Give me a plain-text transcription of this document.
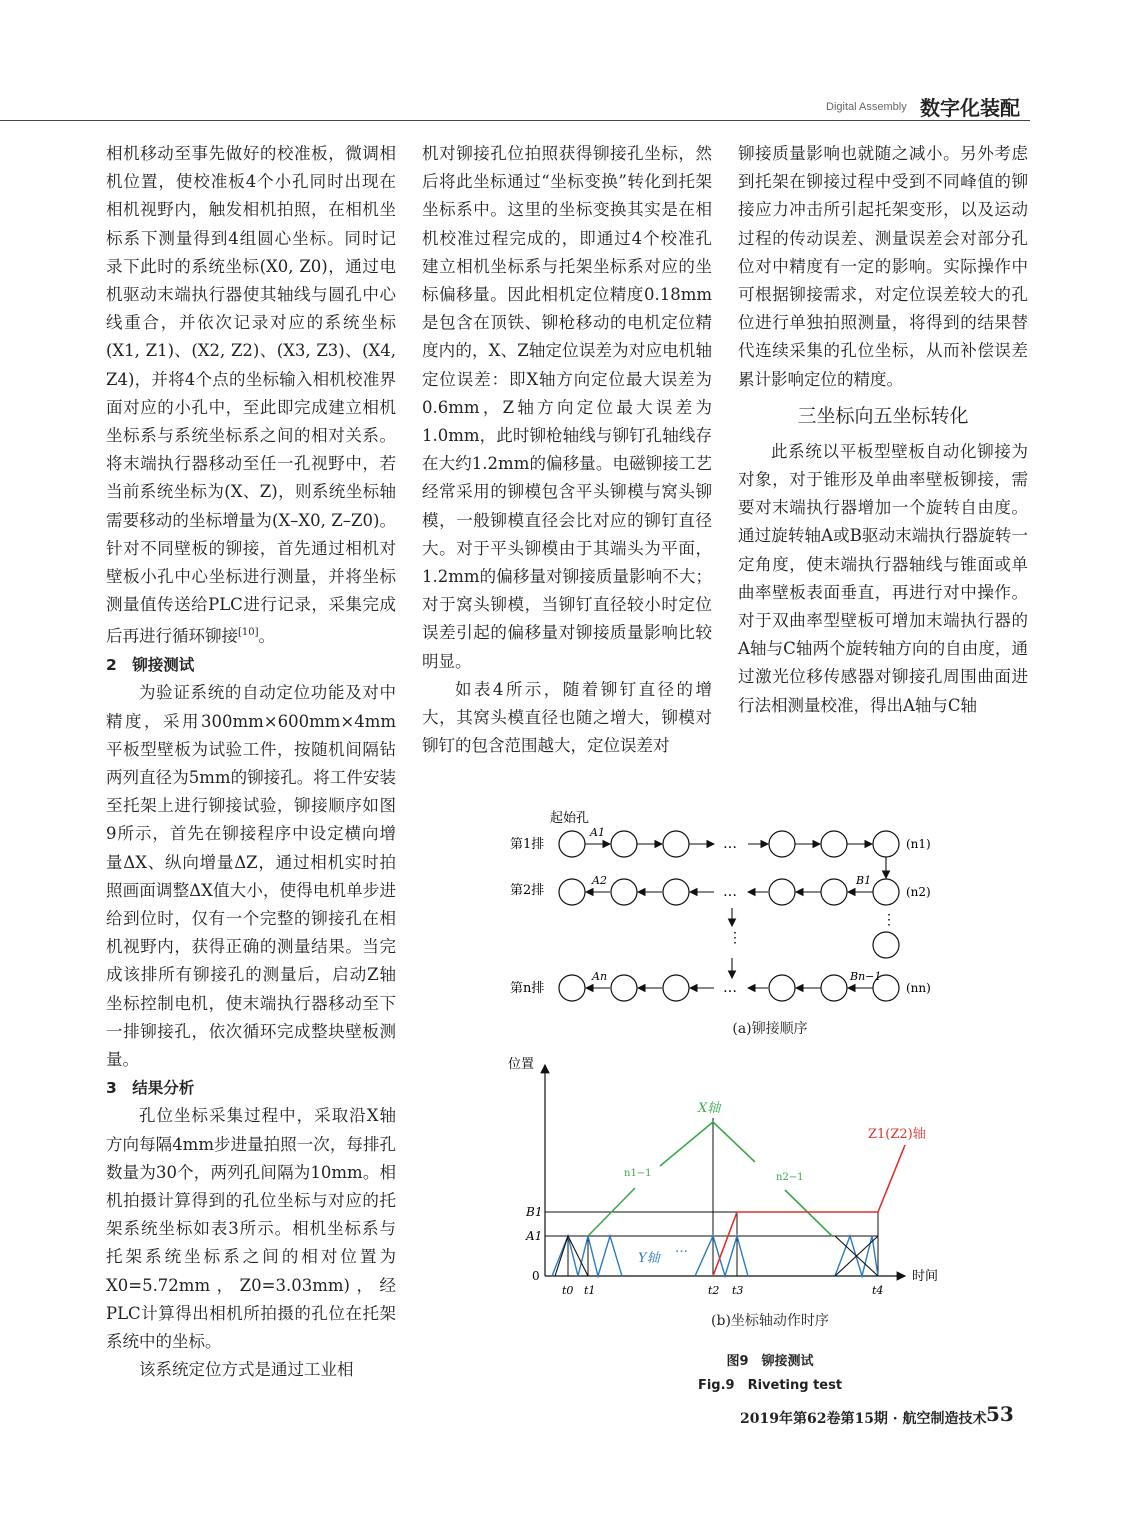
Digital Assembly 数字化装配

相机移动至事先做好的校准板，微调相机位置，使校准板4个小孔同时出现在相机视野内，触发相机拍照，在相机坐标系下测量得到4组圆心坐标。同时记录下此时的系统坐标(X0, Z0)，通过电机驱动末端执行器使其轴线与圆孔中心线重合，并依次记录对应的系统坐标(X1, Z1)、(X2, Z2)、(X3, Z3)、(X4, Z4)，并将4个点的坐标输入相机校准界面对应的小孔中，至此即完成建立相机坐标系与系统坐标系之间的相对关系。将末端执行器移动至任一孔视野中，若当前系统坐标为(X、Z)，则系统坐标轴需要移动的坐标增量为(X–X0, Z–Z0)。针对不同壁板的铆接，首先通过相机对壁板小孔中心坐标进行测量，并将坐标测量值传送给PLC进行记录，采集完成后再进行循环铆接[10]。

2　铆接测试

为验证系统的自动定位功能及对中精度，采用300mm×600mm×4mm平板型壁板为试验工件，按随机间隔钻两列直径为5mm的铆接孔。将工件安装至托架上进行铆接试验，铆接顺序如图9所示，首先在铆接程序中设定横向增量ΔX、纵向增量ΔZ，通过相机实时拍照画面调整ΔX值大小，使得电机单步进给到位时，仅有一个完整的铆接孔在相机视野内，获得正确的测量结果。当完成该排所有铆接孔的测量后，启动Z轴坐标控制电机，使末端执行器移动至下一排铆接孔，依次循环完成整块壁板测量。

3　结果分析

孔位坐标采集过程中，采取沿X轴方向每隔4mm步进量拍照一次，每排孔数量为30个，两列孔间隔为10mm。相机拍摄计算得到的孔位坐标与对应的托架系统坐标如表3所示。相机坐标系与托架系统坐标系之间的相对位置为X0=5.72mm，Z0=3.03mm)，经PLC计算得出相机所拍摄的孔位在托架系统中的坐标。

该系统定位方式是通过工业相

机对铆接孔位拍照获得铆接孔坐标，然后将此坐标通过“坐标变换”转化到托架坐标系中。这里的坐标变换其实是在相机校准过程完成的，即通过4个校准孔建立相机坐标系与托架坐标系对应的坐标偏移量。因此相机定位精度0.18mm是包含在顶铁、铆枪移动的电机定位精度内的，X、Z轴定位误差为对应电机轴定位误差：即X轴方向定位最大误差为0.6mm，Z轴方向定位最大误差为1.0mm，此时铆枪轴线与铆钉孔轴线存在大约1.2mm的偏移量。电磁铆接工艺经常采用的铆模包含平头铆模与窝头铆模，一般铆模直径会比对应的铆钉直径大。对于平头铆模由于其端头为平面，1.2mm的偏移量对铆接质量影响不大；对于窝头铆模，当铆钉直径较小时定位误差引起的偏移量对铆接质量影响比较明显。

如表4所示，随着铆钉直径的增大，其窝头模直径也随之增大，铆模对铆钉的包含范围越大，定位误差对

铆接质量影响也就随之减小。另外考虑到托架在铆接过程中受到不同峰值的铆接应力冲击所引起托架变形，以及运动过程的传动误差、测量误差会对部分孔位对中精度有一定的影响。实际操作中可根据铆接需求，对定位误差较大的孔位进行单独拍照测量，将得到的结果替代连续采集的孔位坐标，从而补偿误差累计影响定位的精度。

三坐标向五坐标转化

此系统以平板型壁板自动化铆接为对象，对于锥形及单曲率壁板铆接，需要对末端执行器增加一个旋转自由度。通过旋转轴A或B驱动末端执行器旋转一定角度，使末端执行器轴线与锥面或单曲率壁板表面垂直，再进行对中操作。对于双曲率型壁板可增加末端执行器的A轴与C轴两个旋转轴方向的自由度，通过激光位移传感器对铆接孔周围曲面进行法相测量校准，得出A轴与C轴

起始孔
第1排
第2排
第n排
…
…
…
⋮
⋮
A1
A2
An
B1
Bn−1
(n1)
(n2)
(nn)
位置
时间
X轴
Z1(Z2)轴
Y轴
n1−1	n2−1
…
B1
A1
0
t0 t1	t2 t3	t4
(a)铆接顺序
(b)坐标轴动作时序
图9　铆接测试
Fig.9　Riveting test
2019年第62卷第15期 · 航空制造技术 53
